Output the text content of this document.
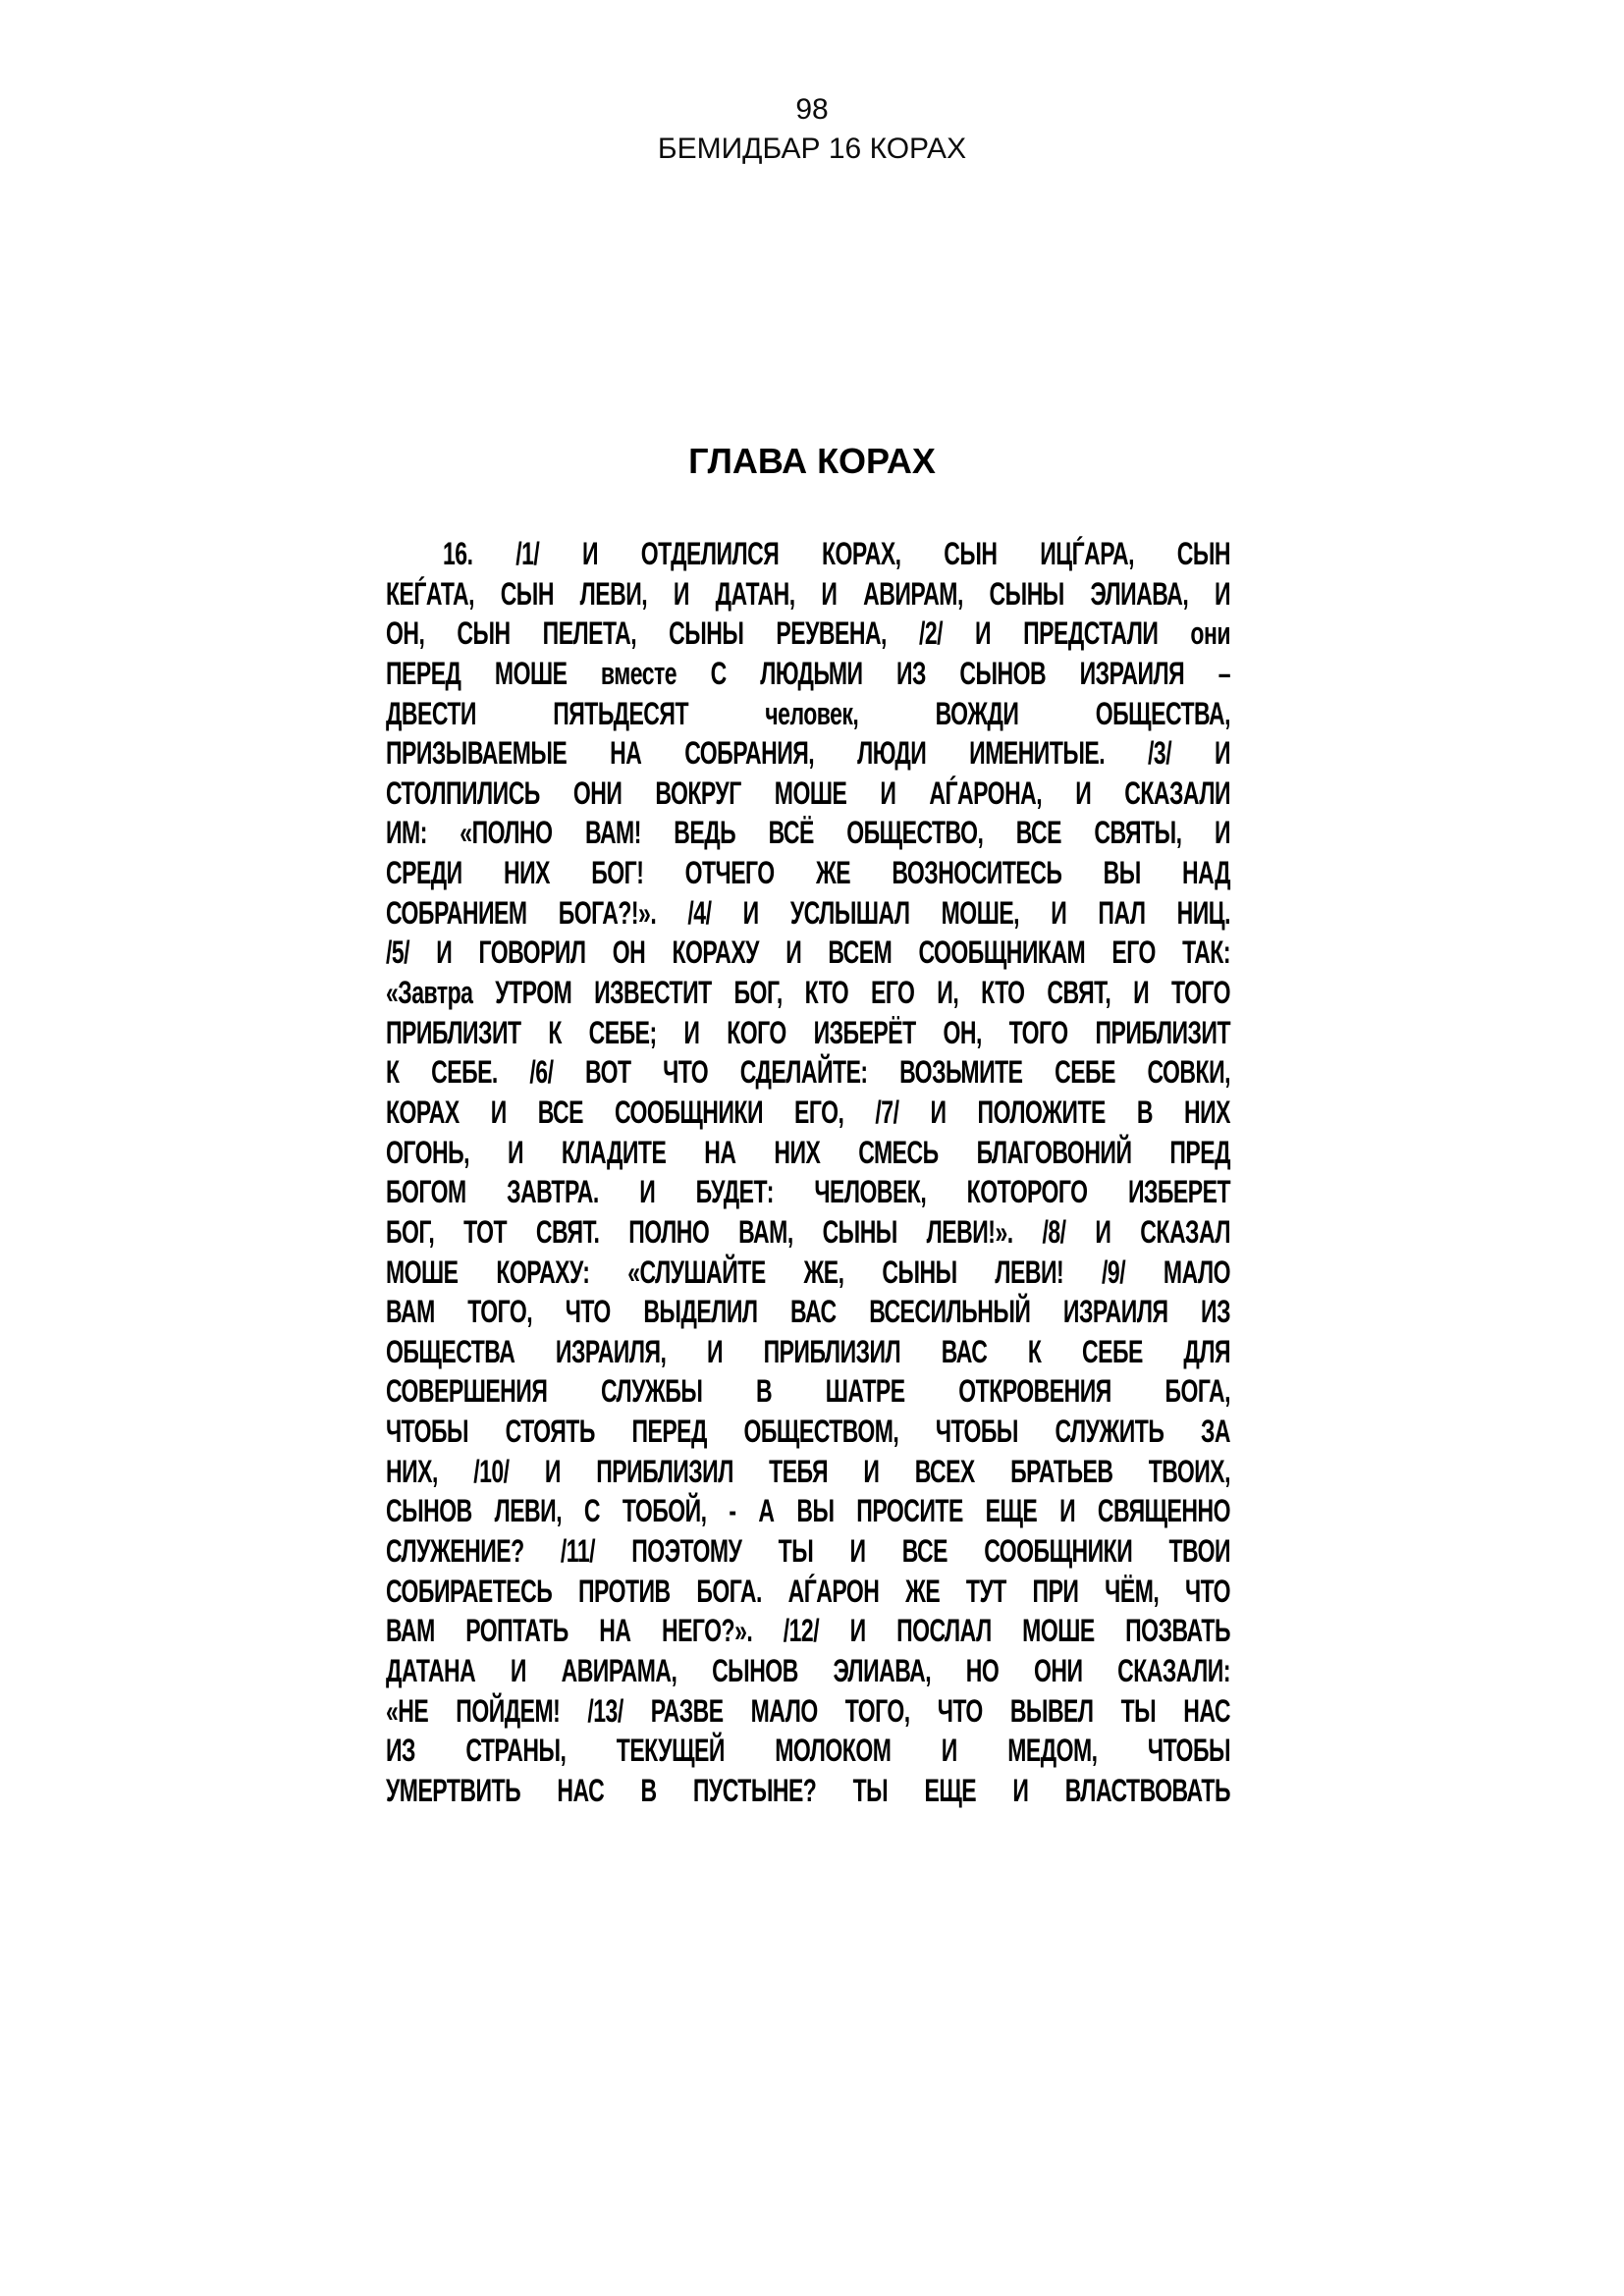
98
БЕМИДБАР 16 КОРАХ
ГЛАВА КОРАХ
16. /1/ И ОТДЕЛИЛСЯ КОРАХ, СЫН ИЦЃАРА, СЫН
КЕЃАТА, СЫН ЛЕВИ, И ДАТАН, И АВИРАМ, СЫНЫ ЭЛИАВА, И
ОН, СЫН ПЕЛЕТА, СЫНЫ РЕУВЕНА, /2/ И ПРЕДСТАЛИ они
ПЕРЕД МОШЕ вместе С ЛЮДЬМИ ИЗ СЫНОВ ИЗРАИЛЯ –
ДВЕСТИ ПЯТЬДЕСЯТ человек, ВОЖДИ ОБЩЕСТВА,
ПРИЗЫВАЕМЫЕ НА СОБРАНИЯ, ЛЮДИ ИМЕНИТЫЕ. /3/ И
СТОЛПИЛИСЬ ОНИ ВОКРУГ МОШЕ И АЃАРОНА, И СКАЗАЛИ
ИМ: «ПОЛНО ВАМ! ВЕДЬ ВСЁ ОБЩЕСТВО, ВСЕ СВЯТЫ, И
СРЕДИ НИХ БОГ! ОТЧЕГО ЖЕ ВОЗНОСИТЕСЬ ВЫ НАД
СОБРАНИЕМ БОГА?!». /4/ И УСЛЫШАЛ МОШЕ, И ПАЛ НИЦ.
/5/ И ГОВОРИЛ ОН КОРАХУ И ВСЕМ СООБЩНИКАМ ЕГО ТАК:
«Завтра УТРОМ ИЗВЕСТИТ БОГ, КТО ЕГО И, КТО СВЯТ, И ТОГО
ПРИБЛИЗИТ К СЕБЕ; И КОГО ИЗБЕРЁТ ОН, ТОГО ПРИБЛИЗИТ
К СЕБЕ. /6/ ВОТ ЧТО СДЕЛАЙТЕ: ВОЗЬМИТЕ СЕБЕ СОВКИ,
КОРАХ И ВСЕ СООБЩНИКИ ЕГО, /7/ И ПОЛОЖИТЕ В НИХ
ОГОНЬ, И КЛАДИТЕ НА НИХ СМЕСЬ БЛАГОВОНИЙ ПРЕД
БОГОМ ЗАВТРА. И БУДЕТ: ЧЕЛОВЕК, КОТОРОГО ИЗБЕРЕТ
БОГ, ТОТ СВЯТ. ПОЛНО ВАМ, СЫНЫ ЛЕВИ!». /8/ И СКАЗАЛ
МОШЕ КОРАХУ: «СЛУШАЙТЕ ЖЕ, СЫНЫ ЛЕВИ! /9/ МАЛО
ВАМ ТОГО, ЧТО ВЫДЕЛИЛ ВАС ВСЕСИЛЬНЫЙ ИЗРАИЛЯ ИЗ
ОБЩЕСТВА ИЗРАИЛЯ, И ПРИБЛИЗИЛ ВАС К СЕБЕ ДЛЯ
СОВЕРШЕНИЯ СЛУЖБЫ В ШАТРЕ ОТКРОВЕНИЯ БОГА,
ЧТОБЫ СТОЯТЬ ПЕРЕД ОБЩЕСТВОМ, ЧТОБЫ СЛУЖИТЬ ЗА
НИХ, /10/ И ПРИБЛИЗИЛ ТЕБЯ И ВСЕХ БРАТЬЕВ ТВОИХ,
СЫНОВ ЛЕВИ, С ТОБОЙ, - А ВЫ ПРОСИТЕ ЕЩЕ И СВЯЩЕННО
СЛУЖЕНИЕ? /11/ ПОЭТОМУ ТЫ И ВСЕ СООБЩНИКИ ТВОИ
СОБИРАЕТЕСЬ ПРОТИВ БОГА. АЃАРОН ЖЕ ТУТ ПРИ ЧЁМ, ЧТО
ВАМ РОПТАТЬ НА НЕГО?». /12/ И ПОСЛАЛ МОШЕ ПОЗВАТЬ
ДАТАНА И АВИРАМА, СЫНОВ ЭЛИАВА, НО ОНИ СКАЗАЛИ:
«НЕ ПОЙДЕМ! /13/ РАЗВЕ МАЛО ТОГО, ЧТО ВЫВЕЛ ТЫ НАС
ИЗ СТРАНЫ, ТЕКУЩЕЙ МОЛОКОМ И МЕДОМ, ЧТОБЫ
УМЕРТВИТЬ НАС В ПУСТЫНЕ? ТЫ ЕЩЕ И ВЛАСТВОВАТЬ
